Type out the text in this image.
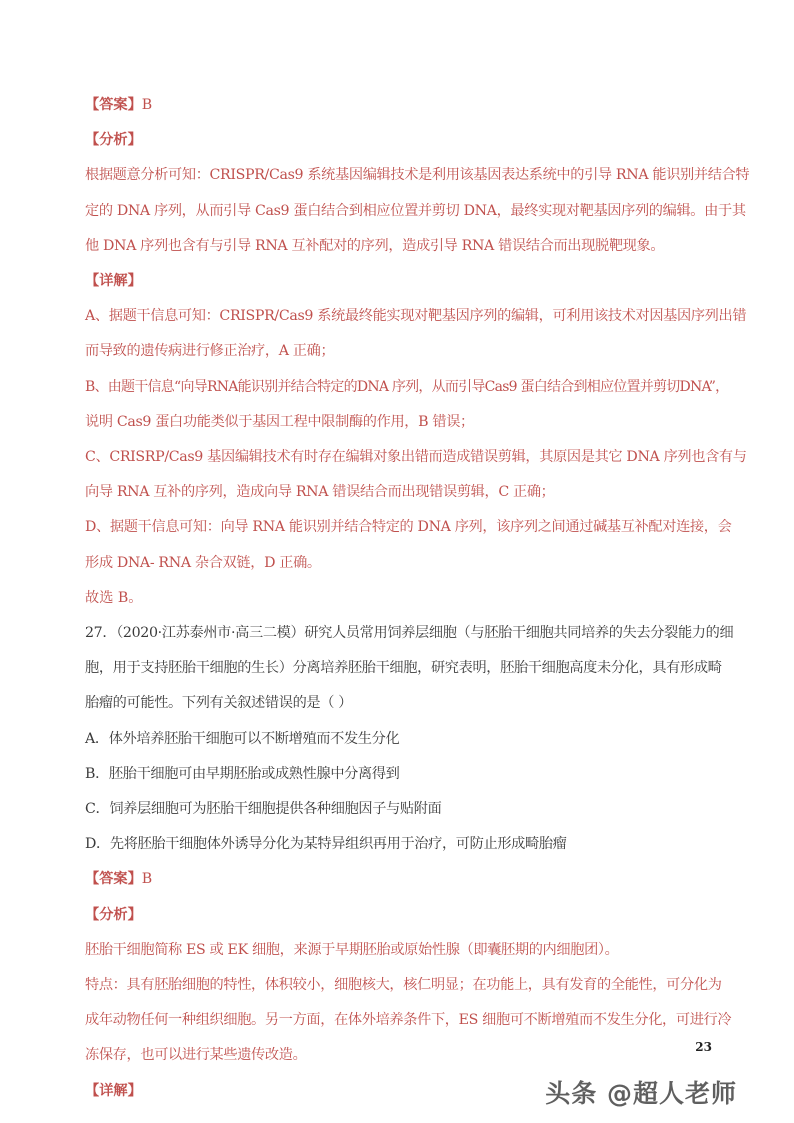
【答案】B
【分析】
根据题意分析可知：CRISPR/Cas9 系统基因编辑技术是利用该基因表达系统中的引导 RNA 能识别并结合特
定的 DNA 序列，从而引导 Cas9 蛋白结合到相应位置并剪切 DNA，最终实现对靶基因序列的编辑。由于其
他 DNA 序列也含有与引导 RNA 互补配对的序列，造成引导 RNA 错误结合而出现脱靶现象。
【详解】
A、据题干信息可知：CRISPR/Cas9 系统最终能实现对靶基因序列的编辑，可利用该技术对因基因序列出错
而导致的遗传病进行修正治疗，A 正确；
B、由题干信息“向导RNA能识别并结合特定的DNA 序列，从而引导Cas9 蛋白结合到相应位置并剪切DNA”，
说明 Cas9 蛋白功能类似于基因工程中限制酶的作用，B 错误；
C、CRISRP/Cas9 基因编辑技术有时存在编辑对象出错而造成错误剪辑，其原因是其它 DNA 序列也含有与
向导 RNA 互补的序列，造成向导 RNA 错误结合而出现错误剪辑，C 正确；
D、据题干信息可知：向导 RNA 能识别并结合特定的 DNA 序列，该序列之间通过碱基互补配对连接，会
形成 DNA- RNA 杂合双链，D 正确。
故选 B。
27．（2020·江苏泰州市·高三二模）研究人员常用饲养层细胞（与胚胎干细胞共同培养的失去分裂能力的细
胞，用于支持胚胎干细胞的生长）分离培养胚胎干细胞，研究表明，胚胎干细胞高度未分化，具有形成畸
胎瘤的可能性。下列有关叙述错误的是（ ）
A．体外培养胚胎干细胞可以不断增殖而不发生分化
B．胚胎干细胞可由早期胚胎或成熟性腺中分离得到
C．饲养层细胞可为胚胎干细胞提供各种细胞因子与贴附面
D．先将胚胎干细胞体外诱导分化为某特异组织再用于治疗，可防止形成畸胎瘤
【答案】B
【分析】
胚胎干细胞简称 ES 或 EK 细胞，来源于早期胚胎或原始性腺（即囊胚期的内细胞团）。
特点：具有胚胎细胞的特性，体积较小，细胞核大，核仁明显；在功能上，具有发育的全能性，可分化为
成年动物任何一种组织细胞。另一方面，在体外培养条件下，ES 细胞可不断增殖而不发生分化，可进行冷
冻保存，也可以进行某些遗传改造。
【详解】
23
头条 @超人老师
